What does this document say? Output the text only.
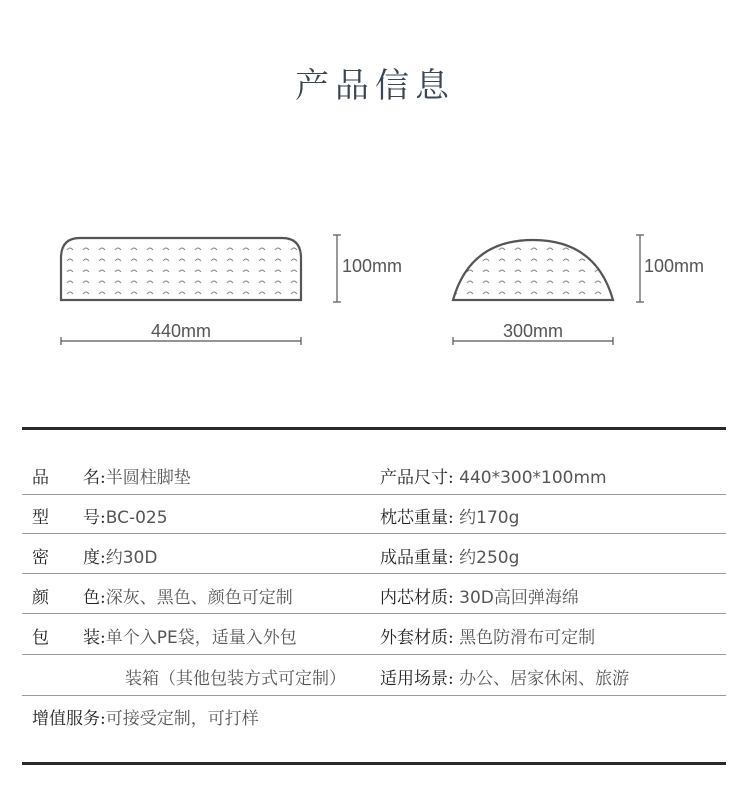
产品信息
100mm
440mm
100mm
300mm
品　　名:半圆柱脚垫	产品尺寸: 440*300*100mm
型　　号:BC-025	枕芯重量: 约170g
密　　度:约30D	成品重量: 约250g
颜　　色:深灰、黑色、颜色可定制	内芯材质: 30D高回弹海绵
包　　装:单个入PE袋，适量入外包	外套材质: 黑色防滑布可定制
装箱（其他包装方式可定制） 适用场景: 办公、居家休闲、旅游
增值服务:可接受定制，可打样
